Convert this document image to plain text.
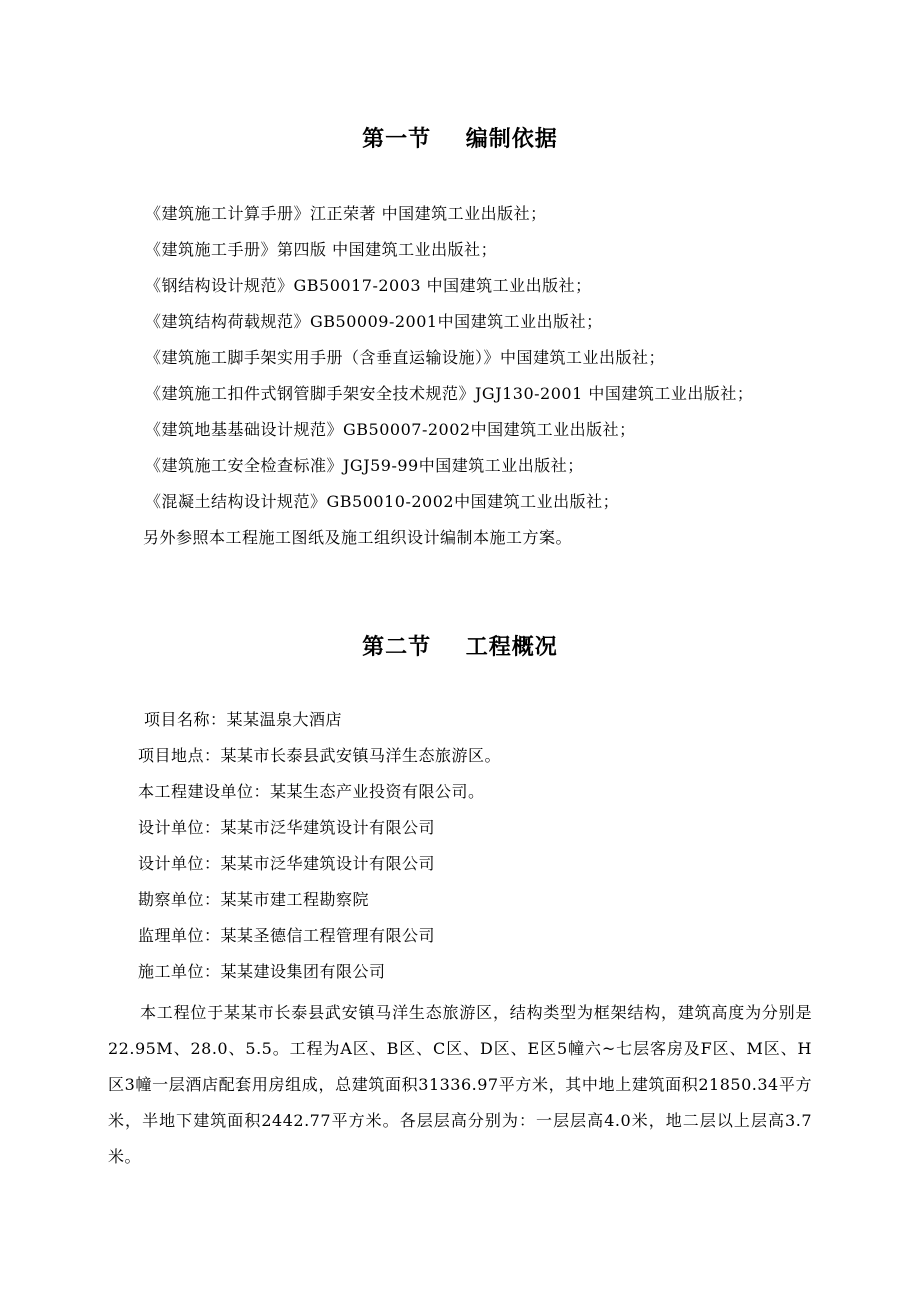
第一节    编制依据
《建筑施工计算手册》江正荣著 中国建筑工业出版社；
《建筑施工手册》第四版 中国建筑工业出版社；
《钢结构设计规范》GB50017-2003 中国建筑工业出版社；
《建筑结构荷载规范》GB50009-2001中国建筑工业出版社；
《建筑施工脚手架实用手册（含垂直运输设施）》中国建筑工业出版社；
《建筑施工扣件式钢管脚手架安全技术规范》JGJ130-2001 中国建筑工业出版社；
《建筑地基基础设计规范》GB50007-2002中国建筑工业出版社；
《建筑施工安全检查标准》JGJ59-99中国建筑工业出版社；
《混凝土结构设计规范》GB50010-2002中国建筑工业出版社；
另外参照本工程施工图纸及施工组织设计编制本施工方案。
第二节    工程概况
项目名称：某某温泉大酒店
项目地点：某某市长泰县武安镇马洋生态旅游区。
本工程建设单位：某某生态产业投资有限公司。
设计单位：某某市泛华建筑设计有限公司
设计单位：某某市泛华建筑设计有限公司
勘察单位：某某市建工程勘察院
监理单位：某某圣德信工程管理有限公司
施工单位：某某建设集团有限公司

本工程位于某某市长泰县武安镇马洋生态旅游区，结构类型为框架结构，建筑高度为分别是22.95M、28.0、5.5。工程为A区、B区、C区、D区、E区5幢六~七层客房及F区、M区、H区3幢一层酒店配套用房组成，总建筑面积31336.97平方米，其中地上建筑面积21850.34平方米，半地下建筑面积2442.77平方米。各层层高分别为：一层层高4.0米，地二层以上层高3.7米。
